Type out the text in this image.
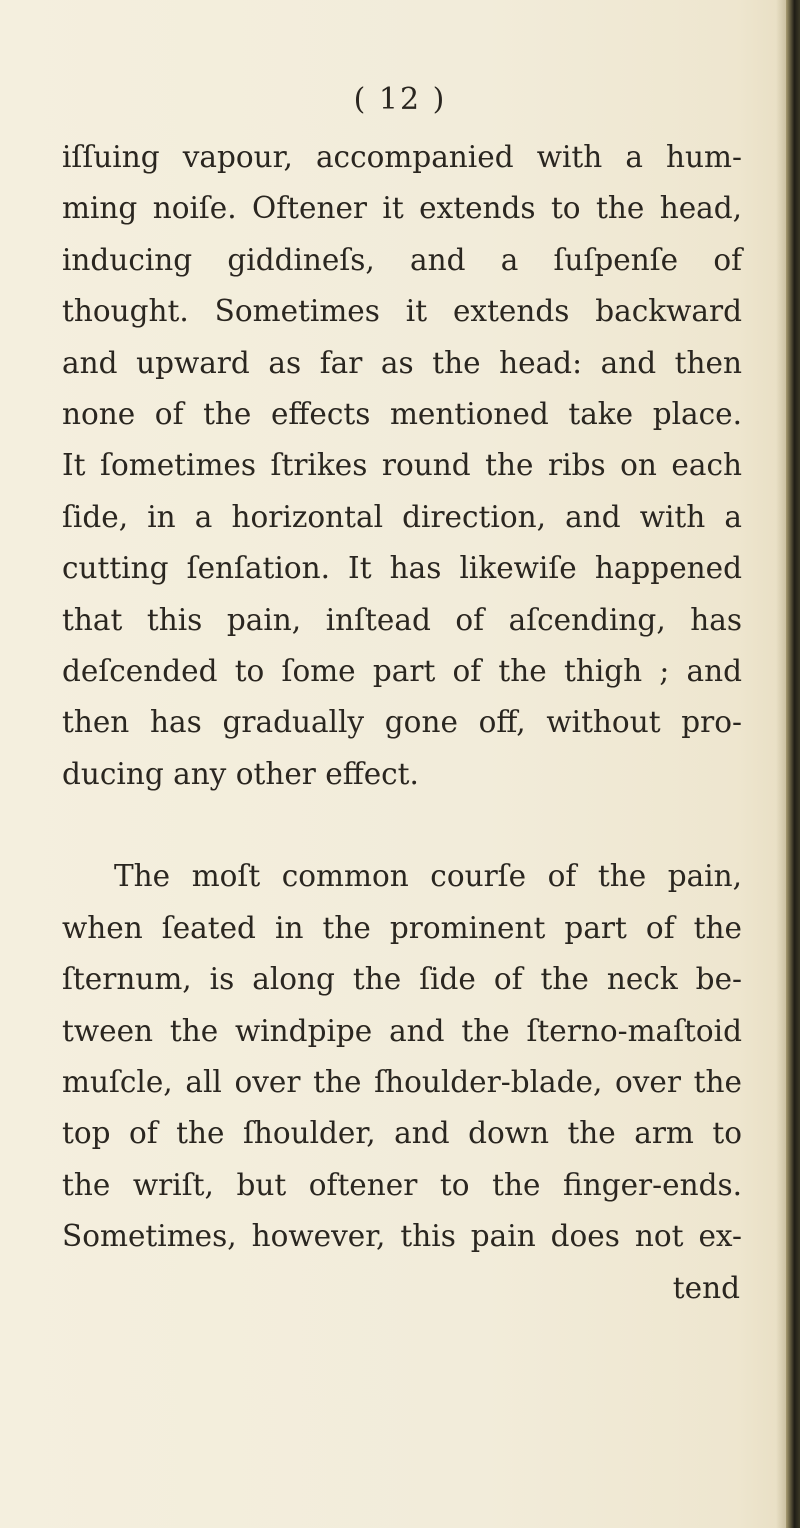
( 12 )

iſſuing vapour, accompanied with a hum-
ming noiſe. Oftener it extends to the head,
inducing giddineſs, and a ſuſpenſe of
thought. Sometimes it extends backward
and upward as far as the head: and then
none of the effects mentioned take place.
It ſometimes ſtrikes round the ribs on each
ſide, in a horizontal direction, and with a
cutting ſenſation. It has likewiſe happened
that this pain, inſtead of aſcending, has
deſcended to ſome part of the thigh ; and
then has gradually gone off, without pro-
ducing any other effect.
The moſt common courſe of the pain,
when ſeated in the prominent part of the
ſternum, is along the ſide of the neck be-
tween the windpipe and the ſterno-maſtoid
muſcle, all over the ſhoulder-blade, over the
top of the ſhoulder, and down the arm to
the wriſt, but oftener to the finger-ends.
Sometimes, however, this pain does not ex-
tend
